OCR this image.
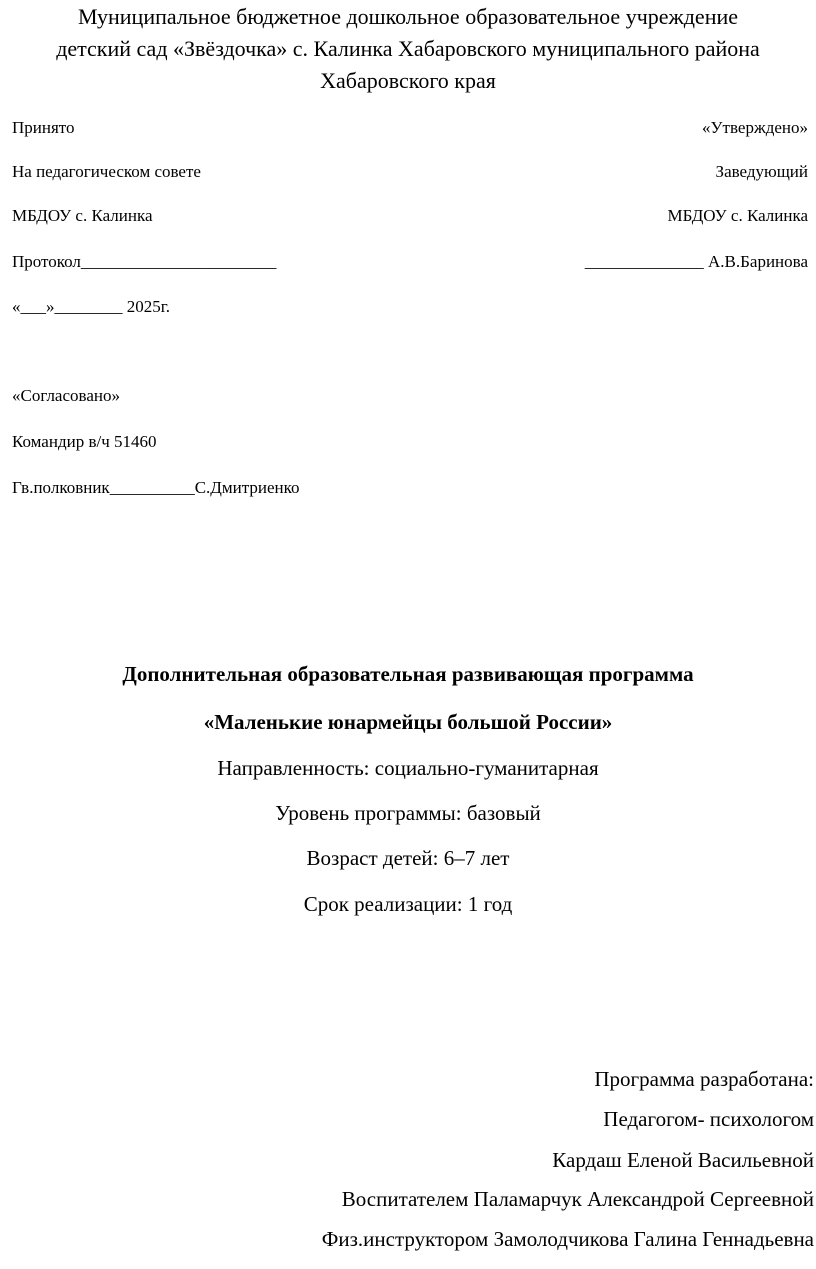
Муниципальное бюджетное дошкольное образовательное учреждение
детский сад «Звёздочка» с. Калинка Хабаровского муниципального района
Хабаровского края
Принято	«Утверждено»
На педагогическом совете	Заведующий
МБДОУ с. Калинка	МБДОУ с. Калинка
Протокол_______________________	______________ А.В.Баринова
«___»________ 2025г.
«Согласовано»
Командир в/ч 51460
Гв.полковник__________С.Дмитриенко
Дополнительная образовательная развивающая программа
«Маленькие юнармейцы большой России»
Направленность: социально-гуманитарная
Уровень программы: базовый
Возраст детей: 6–7 лет
Срок реализации: 1 год
Программа разработана:
Педагогом- психологом
Кардаш Еленой Васильевной
Воспитателем Паламарчук Александрой Сергеевной
Физ.инструктором Замолодчикова Галина Геннадьевна
